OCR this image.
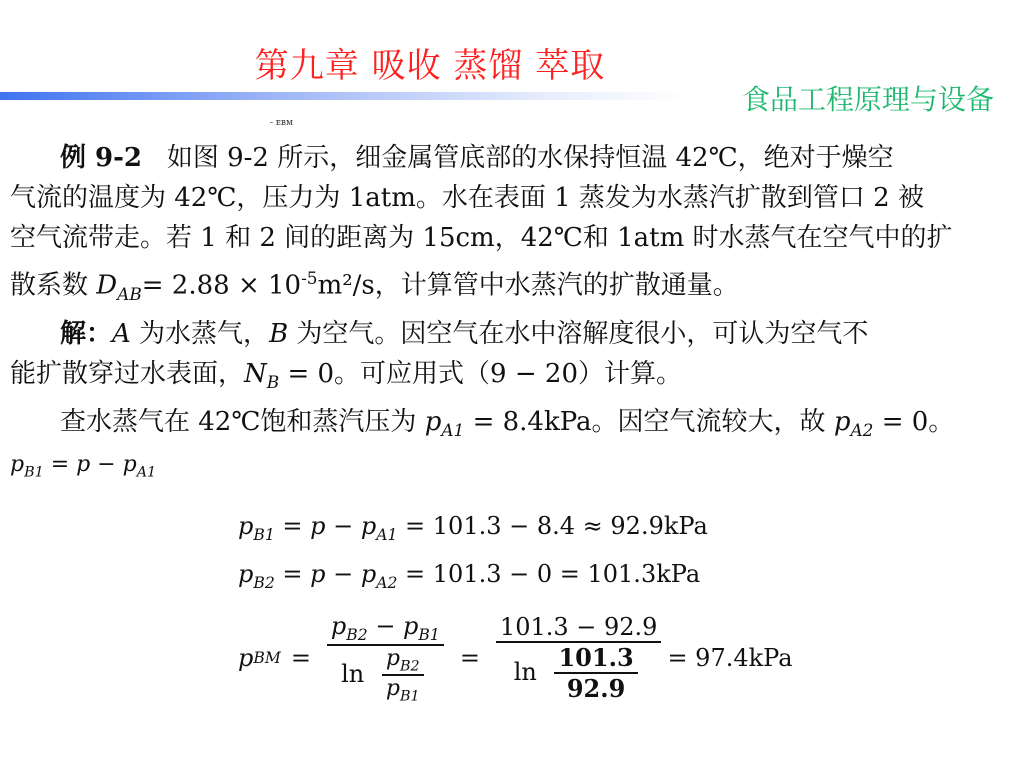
第九章 吸收 蒸馏 萃取
食品工程原理与设备
- ᴇʙᴍ

例 9-2 如图 9-2 所示，细金属管底部的水保持恒温 42℃，绝对于燥空

气流的温度为 42℃，压力为 1atm。水在表面 1 蒸发为水蒸汽扩散到管口 2 被

空气流带走。若 1 和 2 间的距离为 15cm，42℃和 1atm 时水蒸气在空气中的扩

散系数 $D_{AB}= 2.88 \times 10^{-5}m^2/s$，计算管中水蒸汽的扩散通量。

解：A 为水蒸气，B 为空气。因空气在水中溶解度很小，可认为空气不

能扩散穿过水表面，$N_B = 0$。可应用式（9 − 20）计算。

查水蒸气在 42℃饱和蒸汽压为 $p_{A1} = 8.4kPa$。因空气流较大，故 $p_{A2} = 0$。

$p_{B1} = p - p_{A1}$

$p_{B1} = p - p_{A1} = 101.3 - 8.4 \approx 92.9kPa$
$p_{B2} = p - p_{A2} = 101.3 - 0 = 101.3kPa$
p BM = $\frac{p_{B2} - p_{B1}}{\ln \frac{p_{B2}}{p_{B1}}} = \frac{101.3 - 92.9}{\ln \frac{101.3}{92.9}} = 97.4kPa$
